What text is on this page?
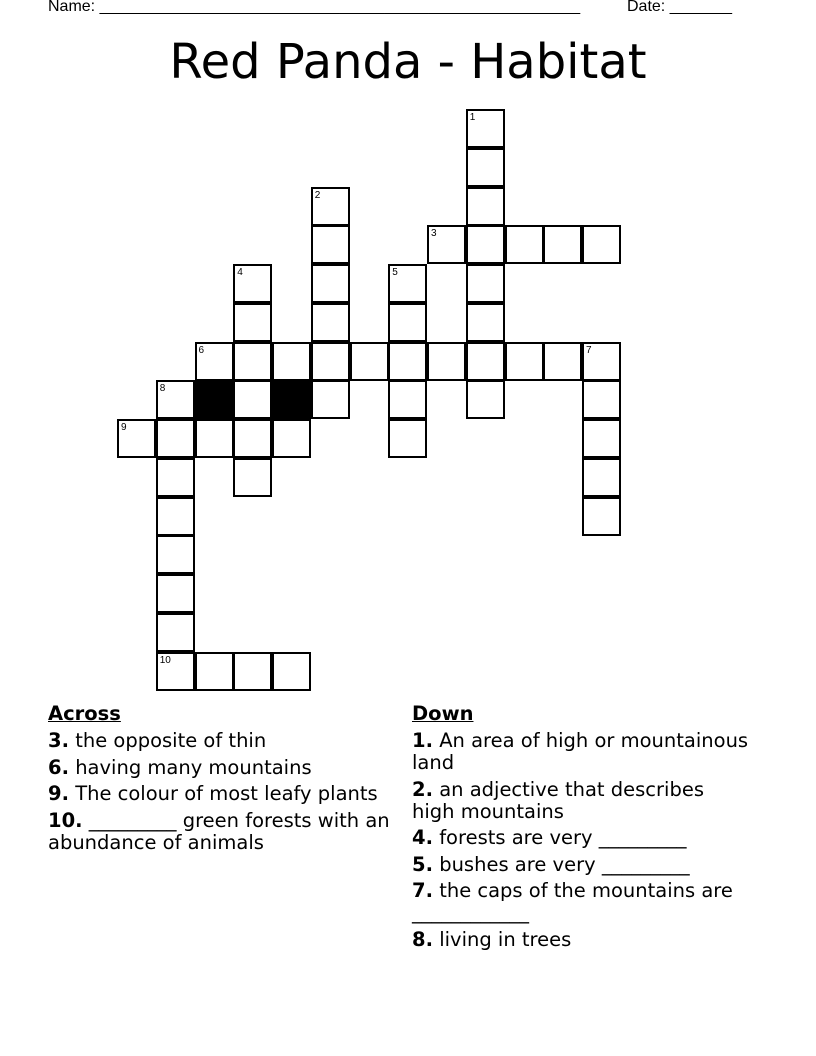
Name: ______________________________________________________	Date: _______
Red Panda - Habitat
1
2
3
4	5
6	7
8
9
10
Across
3. the opposite of thin
6. having many mountains
9. The colour of most leafy plants
10. _________ green forests with an abundance of animals
Down
1. An area of high or mountainous land
2. an adjective that describes high mountains
4. forests are very _________
5. bushes are very _________
7. the caps of the mountains are ____________
8. living in trees
